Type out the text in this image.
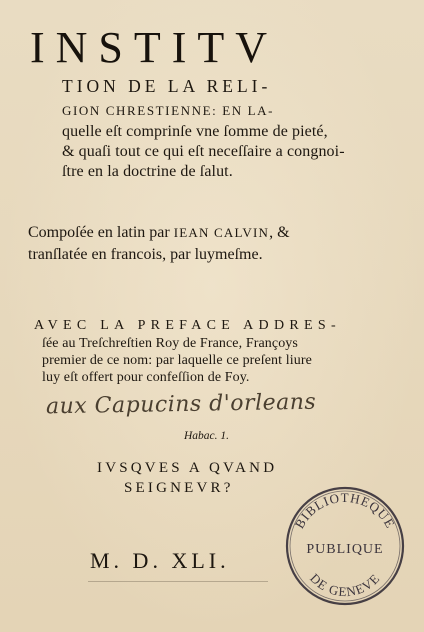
INSTITV
TION DE LA RELI-
GION CHRESTIENNE: EN LA-
quelle eſt comprinſe vne ſomme de pieté,
& quaſi tout ce qui eſt neceſſaire a congnoi-
ſtre en la doctrine de ſalut.
Compoſée en latin par IEAN CALVIN, &
tranſlatée en francois, par luymeſme.
AVEC LA PREFACE ADDRES-
ſée au Treſchreſtien Roy de France, Françoys
premier de ce nom: par laquelle ce preſent liure
luy eſt offert pour confeſſion de Foy.
aux Capucins d'orleans
Habac. 1.
IVSQVES A QVAND
SEIGNEVR?
M. D. XLI.
BIBLIOTHEQUE
PUBLIQUE
DE GENEVE
